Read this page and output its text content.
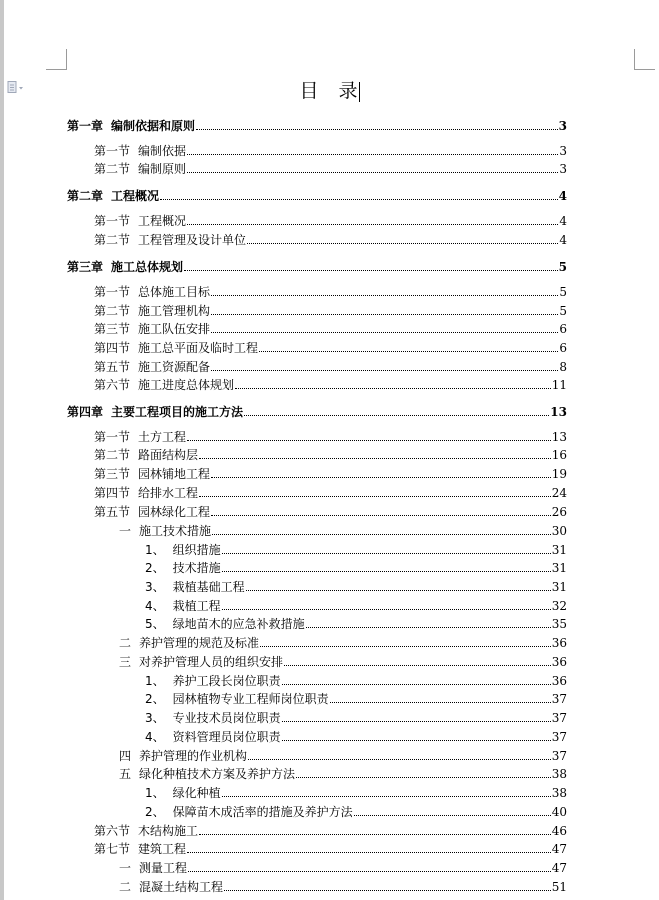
目 录
第一章 编制依据和原则	3
第一节 编制依据	3
第二节 编制原则	3
第二章 工程概况	4
第一节 工程概况	4
第二节 工程管理及设计单位	4
第三章 施工总体规划	5
第一节 总体施工目标	5
第二节 施工管理机构	5
第三节 施工队伍安排	6
第四节 施工总平面及临时工程	6
第五节 施工资源配备	8
第六节 施工进度总体规划	11
第四章 主要工程项目的施工方法	13
第一节 土方工程	13
第二节 路面结构层	16
第三节 园林铺地工程	19
第四节 给排水工程	24
第五节 园林绿化工程	26
一 施工技术措施	30
1、 组织措施	31
2、 技术措施	31
3、 栽植基础工程	31
4、 栽植工程	32
5、 绿地苗木的应急补救措施	35
二 养护管理的规范及标准	36
三 对养护管理人员的组织安排	36
1、 养护工段长岗位职责	36
2、 园林植物专业工程师岗位职责	37
3、 专业技术员岗位职责	37
4、 资料管理员岗位职责	37
四 养护管理的作业机构	37
五 绿化种植技术方案及养护方法	38
1、 绿化种植	38
2、 保障苗木成活率的措施及养护方法	40
第六节 木结构施工	46
第七节 建筑工程	47
一 测量工程	47
二 混凝土结构工程	51
